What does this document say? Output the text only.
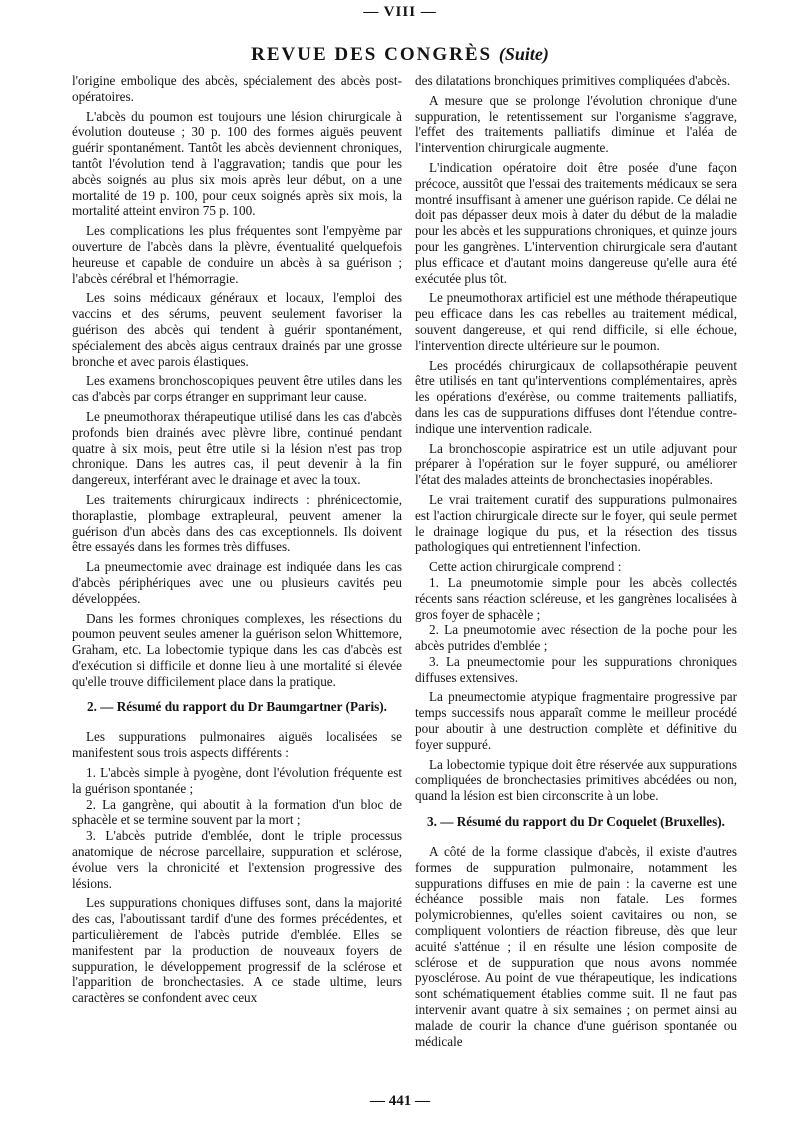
— VIII —
REVUE DES CONGRÈS (Suite)

l'origine embolique des abcès, spécialement des abcès post-opératoires.

L'abcès du poumon est toujours une lésion chirurgicale à évolution douteuse ; 30 p. 100 des formes aiguës peuvent guérir spontanément. Tantôt les abcès deviennent chroniques, tantôt l'évolution tend à l'aggravation; tandis que pour les abcès soignés au plus six mois après leur début, on a une mortalité de 19 p. 100, pour ceux soignés après six mois, la mortalité atteint environ 75 p. 100.

Les complications les plus fréquentes sont l'empyème par ouverture de l'abcès dans la plèvre, éventualité quelquefois heureuse et capable de conduire un abcès à sa guérison ; l'abcès cérébral et l'hémorragie.

Les soins médicaux généraux et locaux, l'emploi des vaccins et des sérums, peuvent seulement favoriser la guérison des abcès qui tendent à guérir spontanément, spécialement des abcès aigus centraux drainés par une grosse bronche et avec parois élastiques.

Les examens bronchoscopiques peuvent être utiles dans les cas d'abcès par corps étranger en supprimant leur cause.

Le pneumothorax thérapeutique utilisé dans les cas d'abcès profonds bien drainés avec plèvre libre, continué pendant quatre à six mois, peut être utile si la lésion n'est pas trop chronique. Dans les autres cas, il peut devenir à la fin dangereux, interférant avec le drainage et avec la toux.

Les traitements chirurgicaux indirects : phrénicectomie, thoraplastie, plombage extrapleural, peuvent amener la guérison d'un abcès dans des cas exceptionnels. Ils doivent être essayés dans les formes très diffuses.

La pneumectomie avec drainage est indiquée dans les cas d'abcès périphériques avec une ou plusieurs cavités peu développées.

Dans les formes chroniques complexes, les résections du poumon peuvent seules amener la guérison selon Whittemore, Graham, etc. La lobectomie typique dans les cas d'abcès est d'exécution si difficile et donne lieu à une mortalité si élevée qu'elle trouve difficilement place dans la pratique.

2. — Résumé du rapport du Dr Baumgartner (Paris).

Les suppurations pulmonaires aiguës localisées se manifestent sous trois aspects différents :

1. L'abcès simple à pyogène, dont l'évolution fréquente est la guérison spontanée ;

2. La gangrène, qui aboutit à la formation d'un bloc de sphacèle et se termine souvent par la mort ;

3. L'abcès putride d'emblée, dont le triple processus anatomique de nécrose parcellaire, suppuration et sclérose, évolue vers la chronicité et l'extension progressive des lésions.

Les suppurations choniques diffuses sont, dans la majorité des cas, l'aboutissant tardif d'une des formes précédentes, et particulièrement de l'abcès putride d'emblée. Elles se manifestent par la production de nouveaux foyers de suppuration, le développement progressif de la sclérose et l'apparition de bronchectasies. A ce stade ultime, leurs caractères se confondent avec ceux

des dilatations bronchiques primitives compliquées d'abcès.

A mesure que se prolonge l'évolution chronique d'une suppuration, le retentissement sur l'organisme s'aggrave, l'effet des traitements palliatifs diminue et l'aléa de l'intervention chirurgicale augmente.

L'indication opératoire doit être posée d'une façon précoce, aussitôt que l'essai des traitements médicaux se sera montré insuffisant à amener une guérison rapide. Ce délai ne doit pas dépasser deux mois à dater du début de la maladie pour les abcès et les suppurations chroniques, et quinze jours pour les gangrènes. L'intervention chirurgicale sera d'autant plus efficace et d'autant moins dangereuse qu'elle aura été exécutée plus tôt.

Le pneumothorax artificiel est une méthode thérapeutique peu efficace dans les cas rebelles au traitement médical, souvent dangereuse, et qui rend difficile, si elle échoue, l'intervention directe ultérieure sur le poumon.

Les procédés chirurgicaux de collapsothérapie peuvent être utilisés en tant qu'interventions complémentaires, après les opérations d'exérèse, ou comme traitements palliatifs, dans les cas de suppurations diffuses dont l'étendue contre-indique une intervention radicale.

La bronchoscopie aspiratrice est un utile adjuvant pour préparer à l'opération sur le foyer suppuré, ou améliorer l'état des malades atteints de bronchectasies inopérables.

Le vrai traitement curatif des suppurations pulmonaires est l'action chirurgicale directe sur le foyer, qui seule permet le drainage logique du pus, et la résection des tissus pathologiques qui entretiennent l'infection.

Cette action chirurgicale comprend :

1. La pneumotomie simple pour les abcès collectés récents sans réaction scléreuse, et les gangrènes localisées à gros foyer de sphacèle ;

2. La pneumotomie avec résection de la poche pour les abcès putrides d'emblée ;

3. La pneumectomie pour les suppurations chroniques diffuses extensives.

La pneumectomie atypique fragmentaire progressive par temps successifs nous apparaît comme le meilleur procédé pour aboutir à une destruction complète et définitive du foyer suppuré.

La lobectomie typique doit être réservée aux suppurations compliquées de bronchectasies primitives abcédées ou non, quand la lésion est bien circonscrite à un lobe.

3. — Résumé du rapport du Dr Coquelet (Bruxelles).

A côté de la forme classique d'abcès, il existe d'autres formes de suppuration pulmonaire, notamment les suppurations diffuses en mie de pain : la caverne est une échéance possible mais non fatale. Les formes polymicrobiennes, qu'elles soient cavitaires ou non, se compliquent volontiers de réaction fibreuse, dès que leur acuité s'atténue ; il en résulte une lésion composite de sclérose et de suppuration que nous avons nommée pyosclérose. Au point de vue thérapeutique, les indications sont schématiquement établies comme suit. Il ne faut pas intervenir avant quatre à six semaines ; on permet ainsi au malade de courir la chance d'une guérison spontanée ou médicale

— 441 —
